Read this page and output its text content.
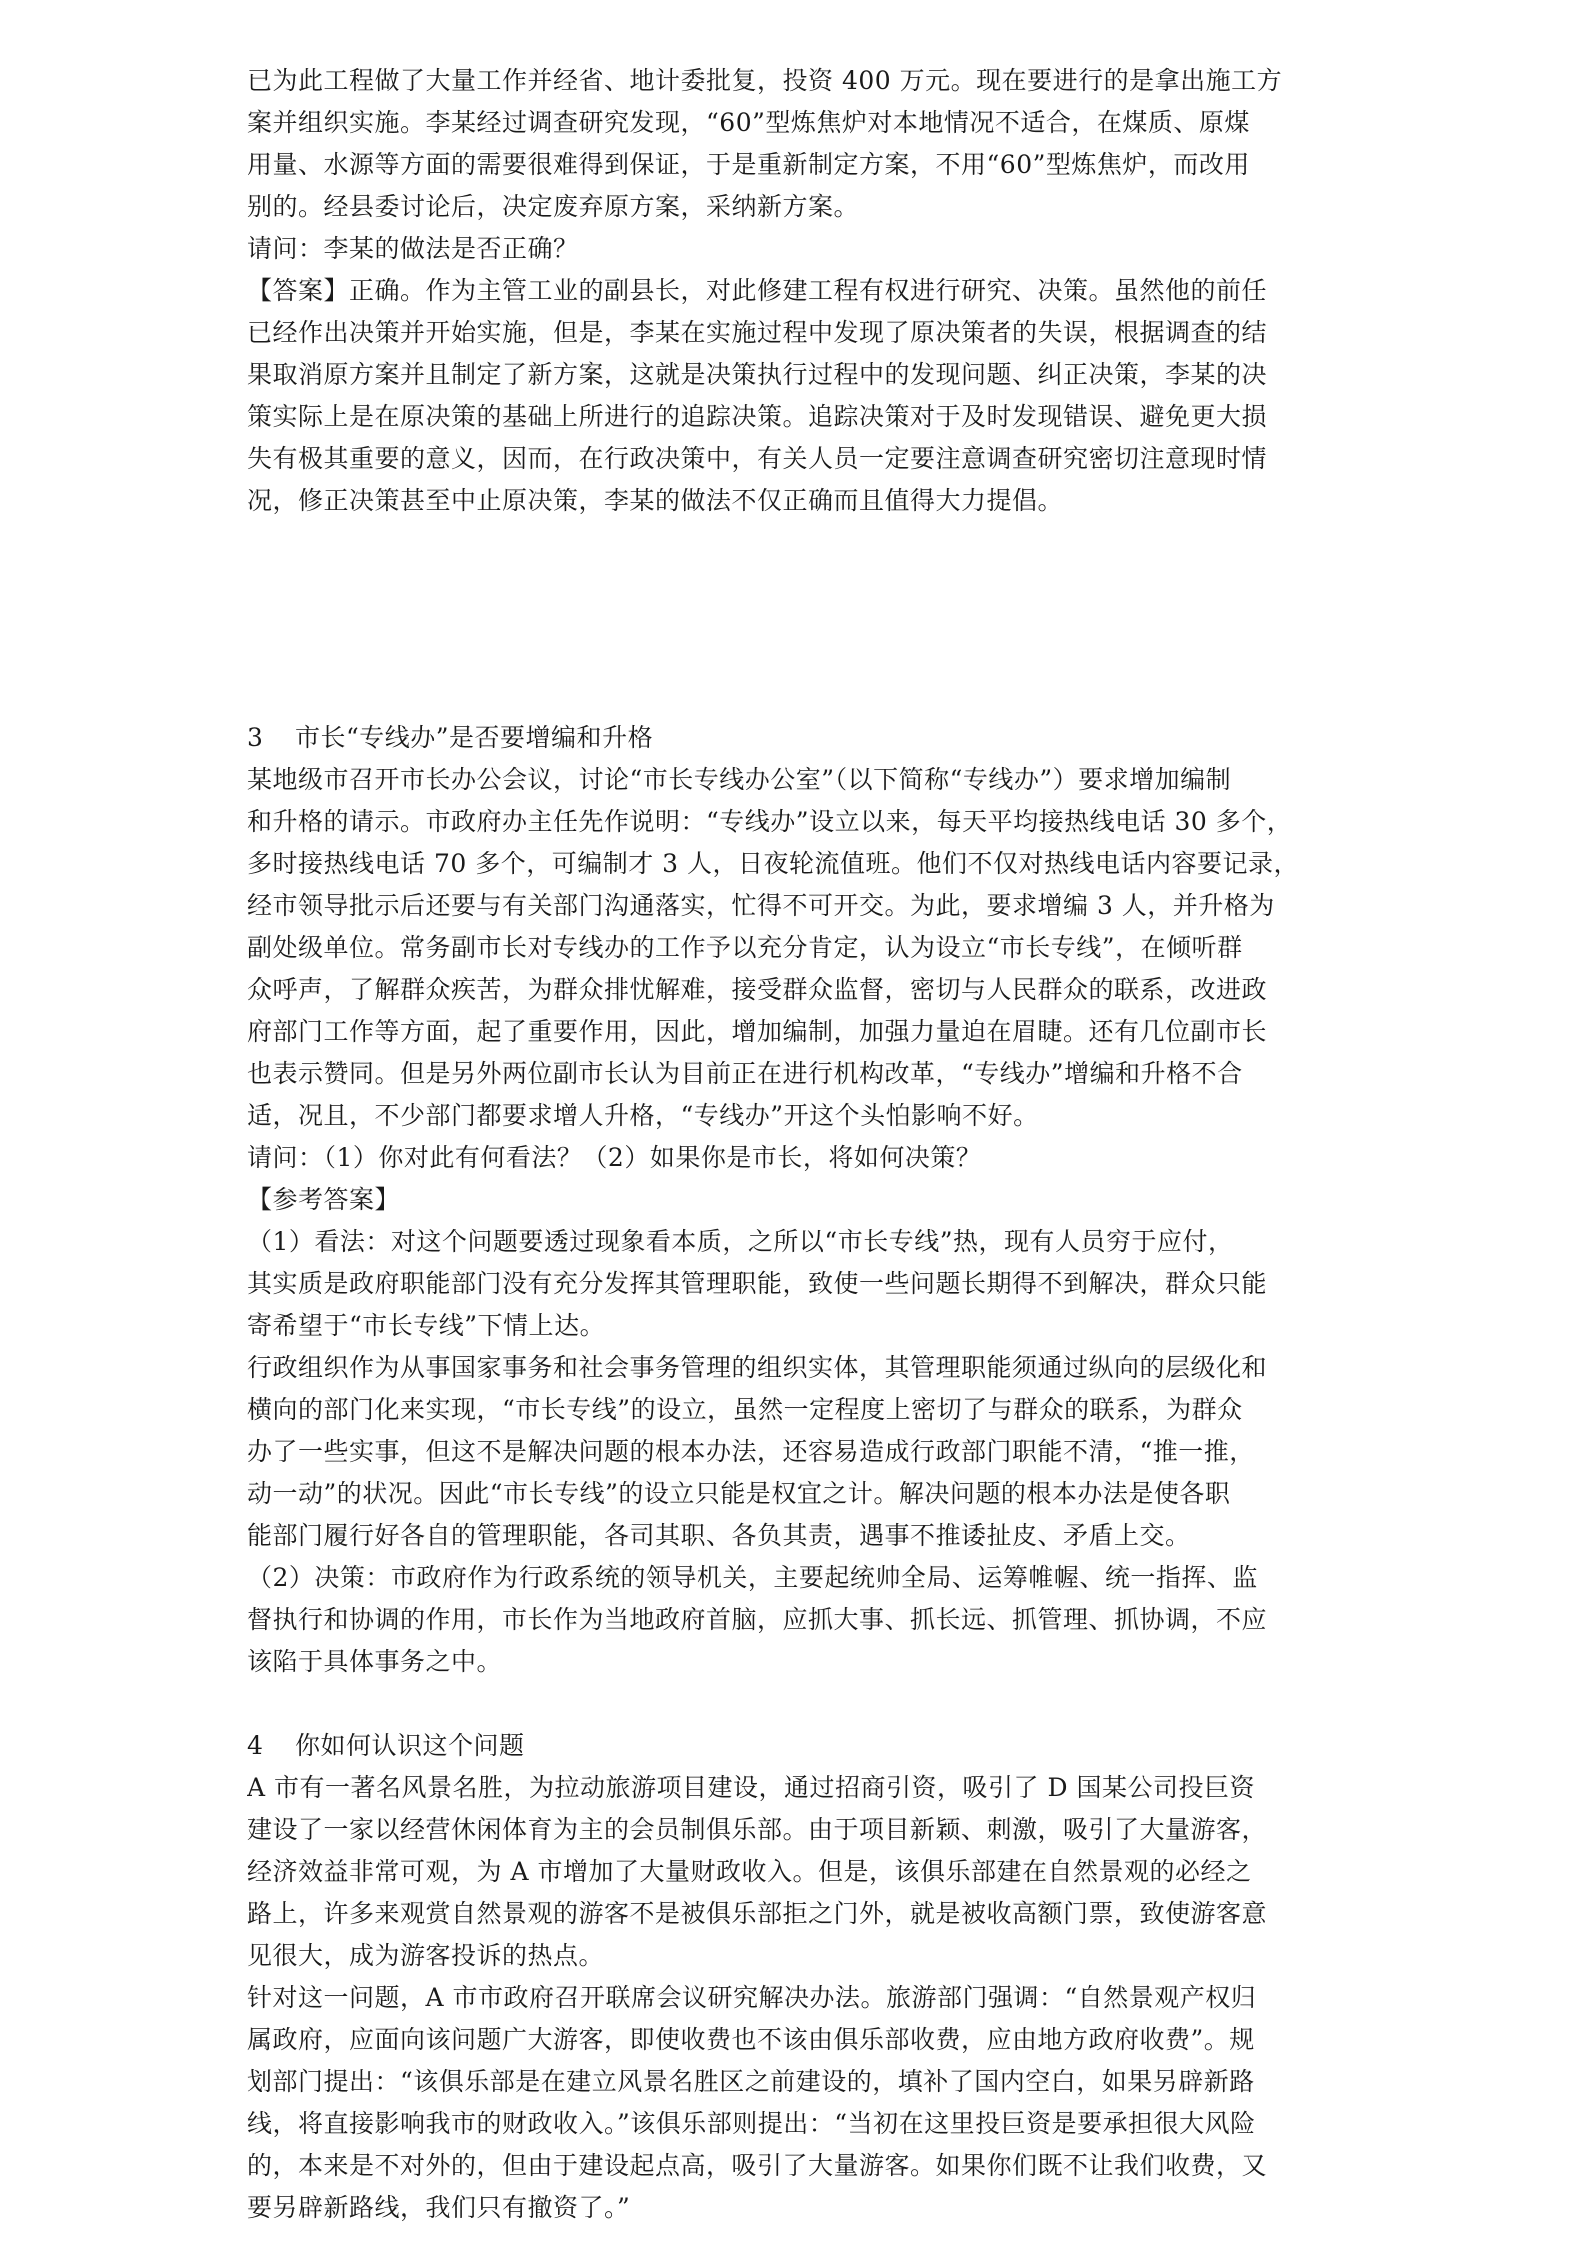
已为此工程做了大量工作并经省、地计委批复，投资 400 万元。现在要进行的是拿出施工方
案并组织实施。李某经过调查研究发现，“60”型炼焦炉对本地情况不适合，在煤质、原煤
用量、水源等方面的需要很难得到保证，于是重新制定方案，不用“60”型炼焦炉，而改用
别的。经县委讨论后，决定废弃原方案，采纳新方案。
请问：李某的做法是否正确？
【答案】正确。作为主管工业的副县长，对此修建工程有权进行研究、决策。虽然他的前任
已经作出决策并开始实施，但是，李某在实施过程中发现了原决策者的失误，根据调查的结
果取消原方案并且制定了新方案，这就是决策执行过程中的发现问题、纠正决策，李某的决
策实际上是在原决策的基础上所进行的追踪决策。追踪决策对于及时发现错误、避免更大损
失有极其重要的意义，因而，在行政决策中，有关人员一定要注意调查研究密切注意现时情
况，修正决策甚至中止原决策，李某的做法不仅正确而且值得大力提倡。
3 市长“专线办”是否要增编和升格
某地级市召开市长办公会议，讨论“市长专线办公室”（以下简称“专线办”）要求增加编制
和升格的请示。市政府办主任先作说明：“专线办”设立以来，每天平均接热线电话 30 多个，
多时接热线电话 70 多个，可编制才 3 人，日夜轮流值班。他们不仅对热线电话内容要记录，
经市领导批示后还要与有关部门沟通落实，忙得不可开交。为此，要求增编 3 人，并升格为
副处级单位。常务副市长对专线办的工作予以充分肯定，认为设立“市长专线”，在倾听群
众呼声，了解群众疾苦，为群众排忧解难，接受群众监督，密切与人民群众的联系，改进政
府部门工作等方面，起了重要作用，因此，增加编制，加强力量迫在眉睫。还有几位副市长
也表示赞同。但是另外两位副市长认为目前正在进行机构改革，“专线办”增编和升格不合
适，况且，不少部门都要求增人升格，“专线办”开这个头怕影响不好。
请问：（1）你对此有何看法？（2）如果你是市长，将如何决策？
【参考答案】
（1）看法：对这个问题要透过现象看本质，之所以“市长专线”热，现有人员穷于应付，
其实质是政府职能部门没有充分发挥其管理职能，致使一些问题长期得不到解决，群众只能
寄希望于“市长专线”下情上达。
行政组织作为从事国家事务和社会事务管理的组织实体，其管理职能须通过纵向的层级化和
横向的部门化来实现，“市长专线”的设立，虽然一定程度上密切了与群众的联系，为群众
办了一些实事，但这不是解决问题的根本办法，还容易造成行政部门职能不清，“推一推，
动一动”的状况。因此“市长专线”的设立只能是权宜之计。解决问题的根本办法是使各职
能部门履行好各自的管理职能，各司其职、各负其责，遇事不推诿扯皮、矛盾上交。
（2）决策：市政府作为行政系统的领导机关，主要起统帅全局、运筹帷幄、统一指挥、监
督执行和协调的作用，市长作为当地政府首脑，应抓大事、抓长远、抓管理、抓协调，不应
该陷于具体事务之中。
4 你如何认识这个问题
A 市有一著名风景名胜，为拉动旅游项目建设，通过招商引资，吸引了 D 国某公司投巨资
建设了一家以经营休闲体育为主的会员制俱乐部。由于项目新颖、刺激，吸引了大量游客，
经济效益非常可观，为 A 市增加了大量财政收入。但是，该俱乐部建在自然景观的必经之
路上，许多来观赏自然景观的游客不是被俱乐部拒之门外，就是被收高额门票，致使游客意
见很大，成为游客投诉的热点。
针对这一问题，A 市市政府召开联席会议研究解决办法。旅游部门强调：“自然景观产权归
属政府，应面向该问题广大游客，即使收费也不该由俱乐部收费，应由地方政府收费”。规
划部门提出：“该俱乐部是在建立风景名胜区之前建设的，填补了国内空白，如果另辟新路
线，将直接影响我市的财政收入。”该俱乐部则提出：“当初在这里投巨资是要承担很大风险
的，本来是不对外的，但由于建设起点高，吸引了大量游客。如果你们既不让我们收费，又
要另辟新路线，我们只有撤资了。”
